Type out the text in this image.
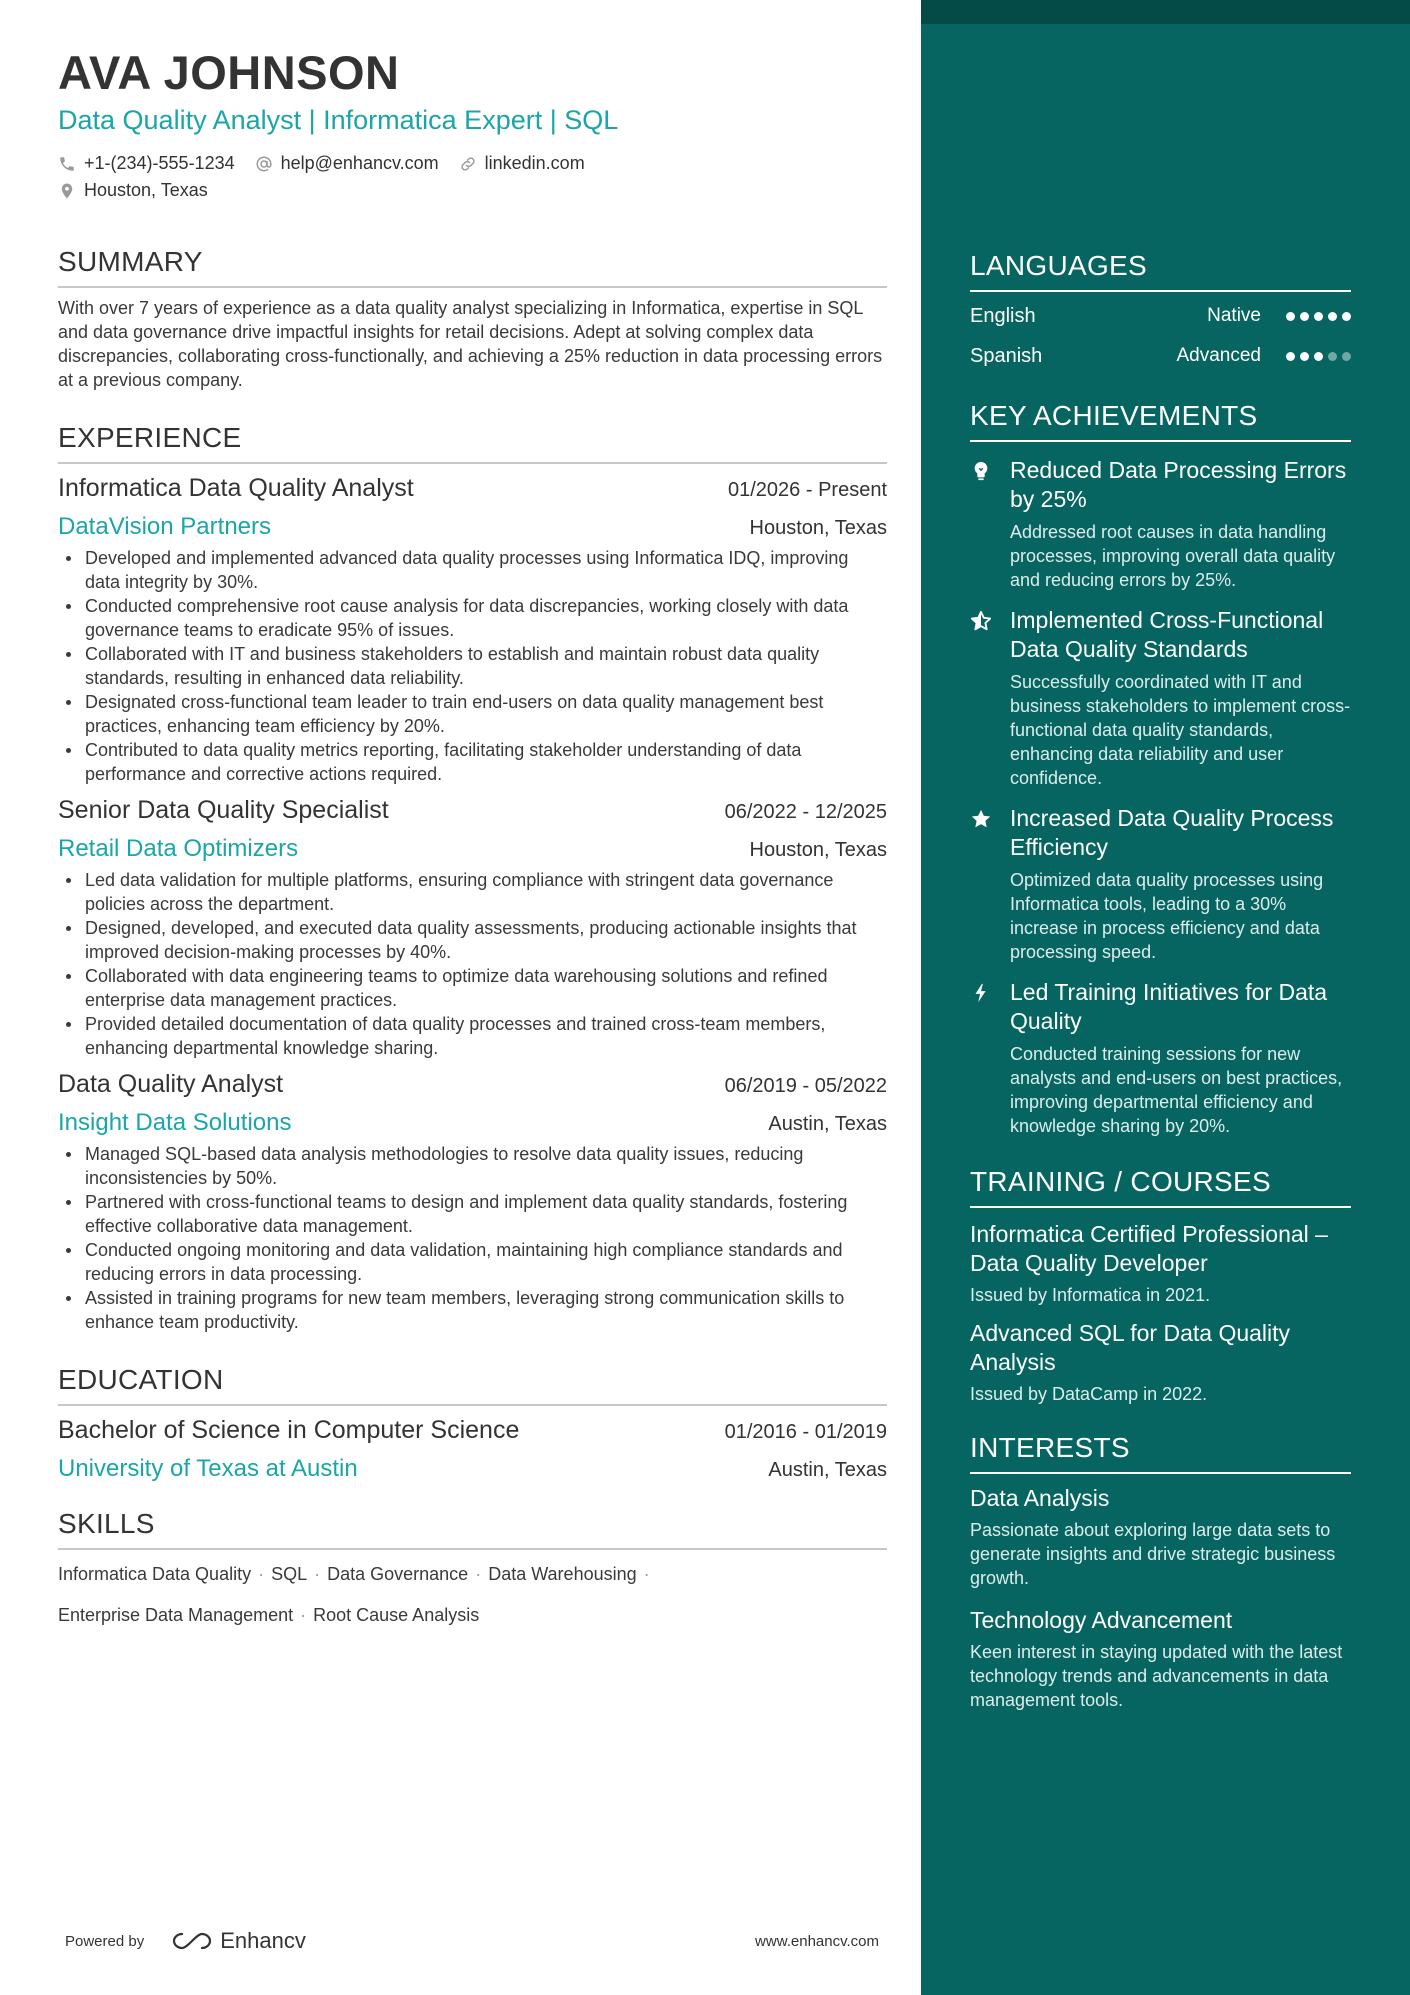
AVA JOHNSON
Data Quality Analyst | Informatica Expert | SQL
+1-(234)-555-1234	help@enhancv.com	linkedin.com
Houston, Texas
SUMMARY
With over 7 years of experience as a data quality analyst specializing in Informatica, expertise in SQL and data governance drive impactful insights for retail decisions. Adept at solving complex data discrepancies, collaborating cross-functionally, and achieving a 25% reduction in data processing errors at a previous company.
EXPERIENCE
Informatica Data Quality Analyst	01/2026 - Present
DataVision Partners	Houston, Texas
Developed and implemented advanced data quality processes using Informatica IDQ, improving data integrity by 30%.
Conducted comprehensive root cause analysis for data discrepancies, working closely with data governance teams to eradicate 95% of issues.
Collaborated with IT and business stakeholders to establish and maintain robust data quality standards, resulting in enhanced data reliability.
Designated cross-functional team leader to train end-users on data quality management best practices, enhancing team efficiency by 20%.
Contributed to data quality metrics reporting, facilitating stakeholder understanding of data performance and corrective actions required.
Senior Data Quality Specialist	06/2022 - 12/2025
Retail Data Optimizers	Houston, Texas
Led data validation for multiple platforms, ensuring compliance with stringent data governance policies across the department.
Designed, developed, and executed data quality assessments, producing actionable insights that improved decision-making processes by 40%.
Collaborated with data engineering teams to optimize data warehousing solutions and refined enterprise data management practices.
Provided detailed documentation of data quality processes and trained cross-team members, enhancing departmental knowledge sharing.
Data Quality Analyst	06/2019 - 05/2022
Insight Data Solutions	Austin, Texas
Managed SQL-based data analysis methodologies to resolve data quality issues, reducing inconsistencies by 50%.
Partnered with cross-functional teams to design and implement data quality standards, fostering effective collaborative data management.
Conducted ongoing monitoring and data validation, maintaining high compliance standards and reducing errors in data processing.
Assisted in training programs for new team members, leveraging strong communication skills to enhance team productivity.
EDUCATION
Bachelor of Science in Computer Science	01/2016 - 01/2019
University of Texas at Austin	Austin, Texas
SKILLS
Informatica Data Quality · SQL · Data Governance · Data Warehousing ·
Enterprise Data Management · Root Cause Analysis
Powered by	Enhancv	www.enhancv.com
LANGUAGES
English	Native
Spanish	Advanced
KEY ACHIEVEMENTS
Reduced Data Processing Errors by 25%
Addressed root causes in data handling processes, improving overall data quality and reducing errors by 25%.
Implemented Cross-Functional Data Quality Standards
Successfully coordinated with IT and business stakeholders to implement cross-functional data quality standards, enhancing data reliability and user confidence.
Increased Data Quality Process Efficiency
Optimized data quality processes using Informatica tools, leading to a 30% increase in process efficiency and data processing speed.
Led Training Initiatives for Data Quality
Conducted training sessions for new analysts and end-users on best practices, improving departmental efficiency and knowledge sharing by 20%.
TRAINING / COURSES
Informatica Certified Professional – Data Quality Developer
Issued by Informatica in 2021.
Advanced SQL for Data Quality Analysis
Issued by DataCamp in 2022.
INTERESTS
Data Analysis
Passionate about exploring large data sets to generate insights and drive strategic business growth.
Technology Advancement
Keen interest in staying updated with the latest technology trends and advancements in data management tools.
